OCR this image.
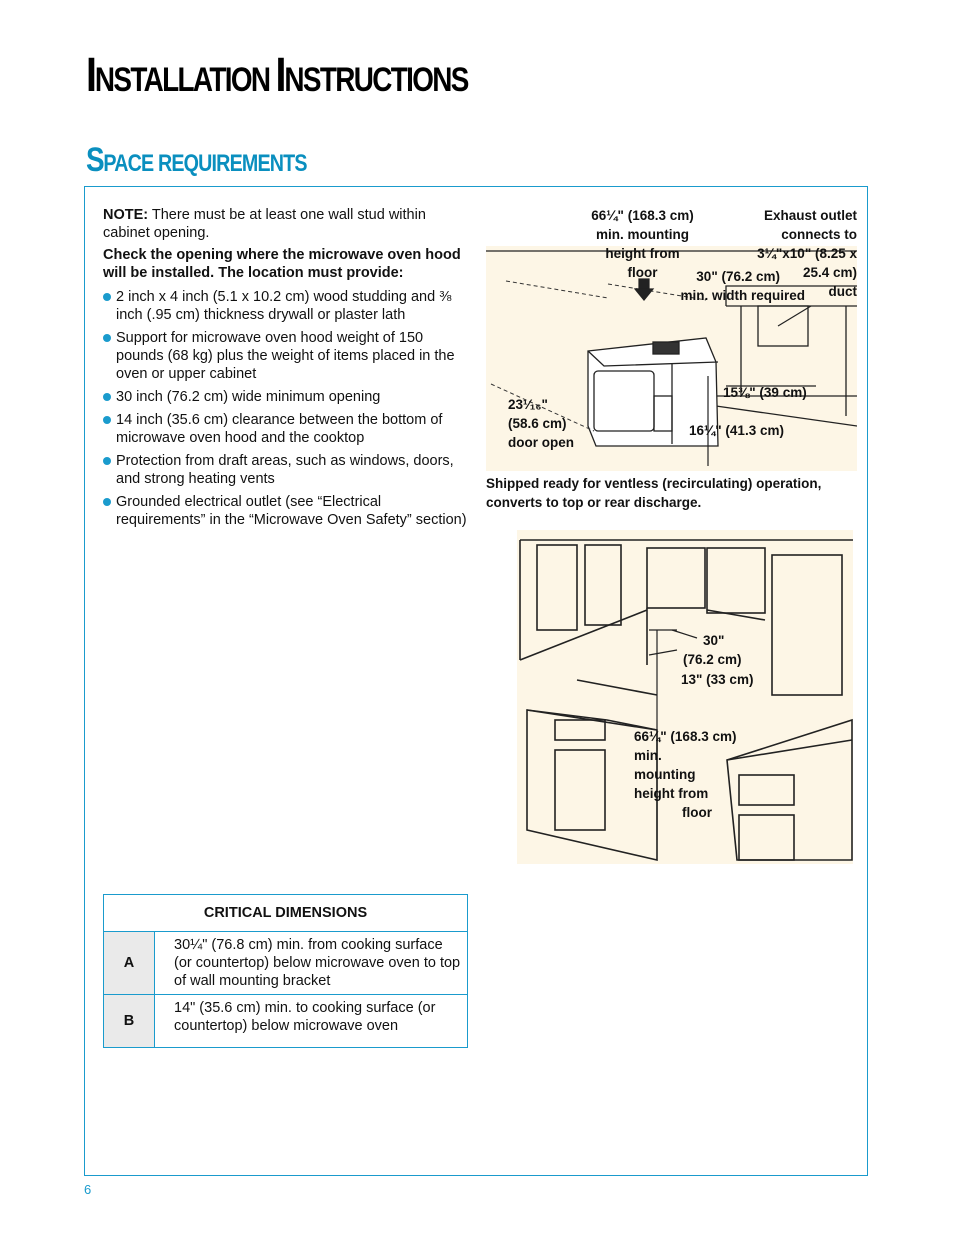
INSTALLATION INSTRUCTIONS
SPACE REQUIREMENTS

NOTE: There must be at least one wall stud within cabinet opening.

Check the opening where the microwave oven hood will be installed. The location must provide:

2 inch x 4 inch (5.1 x 10.2 cm) wood studding and ⅜ inch (.95 cm) thickness drywall or plaster lath
Support for microwave oven hood weight of 150 pounds (68 kg) plus the weight of items placed in the oven or upper cabinet
30 inch (76.2 cm) wide minimum opening
14 inch (35.6 cm) clearance between the bottom of microwave oven hood and the cooktop
Protection from draft areas, such as windows, doors, and strong heating vents
Grounded electrical outlet (see “Electrical requirements” in the “Microwave Oven Safety” section)
66¼" (168.3 cm)
min. mounting
height from
floor
Exhaust outlet
connects to
3¼"x10" (8.25 x
25.4 cm)
duct
30" (76.2 cm)
min. width required
23¹⁄₁₆"
(58.6 cm)
door open
15⅜" (39 cm)
16¼" (41.3 cm)
Shipped ready for ventless (recirculating) operation, converts to top or rear discharge.
30"
(76.2 cm)
13" (33 cm)
66¼" (168.3 cm)
min.
mounting
height from
floor
CRITICAL DIMENSIONS
A
30¼" (76.8 cm) min. from cooking surface (or countertop) below microwave oven to top of wall mounting bracket
B
14" (35.6 cm) min. to cooking surface (or countertop) below microwave oven
6
